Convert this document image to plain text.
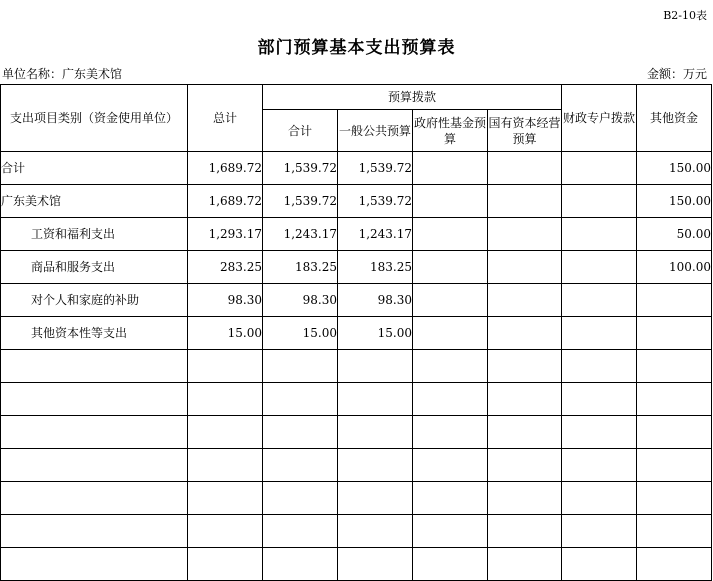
B2-10表
部门预算基本支出预算表
单位名称：广东美术馆	金额：万元
支出项目类别（资金使用单位）	总计	预算拨款				财政专户拨款	其他资金
		合计	一般公共预算	政府性基金预算	国有资本经营预算		
合计	1,689.72	1,539.72	1,539.72				150.00
广东美术馆	1,689.72	1,539.72	1,539.72				150.00
工资和福利支出	1,293.17	1,243.17	1,243.17				50.00
商品和服务支出	283.25	183.25	183.25				100.00
对个人和家庭的补助	98.30	98.30	98.30				
其他资本性等支出	15.00	15.00	15.00				
